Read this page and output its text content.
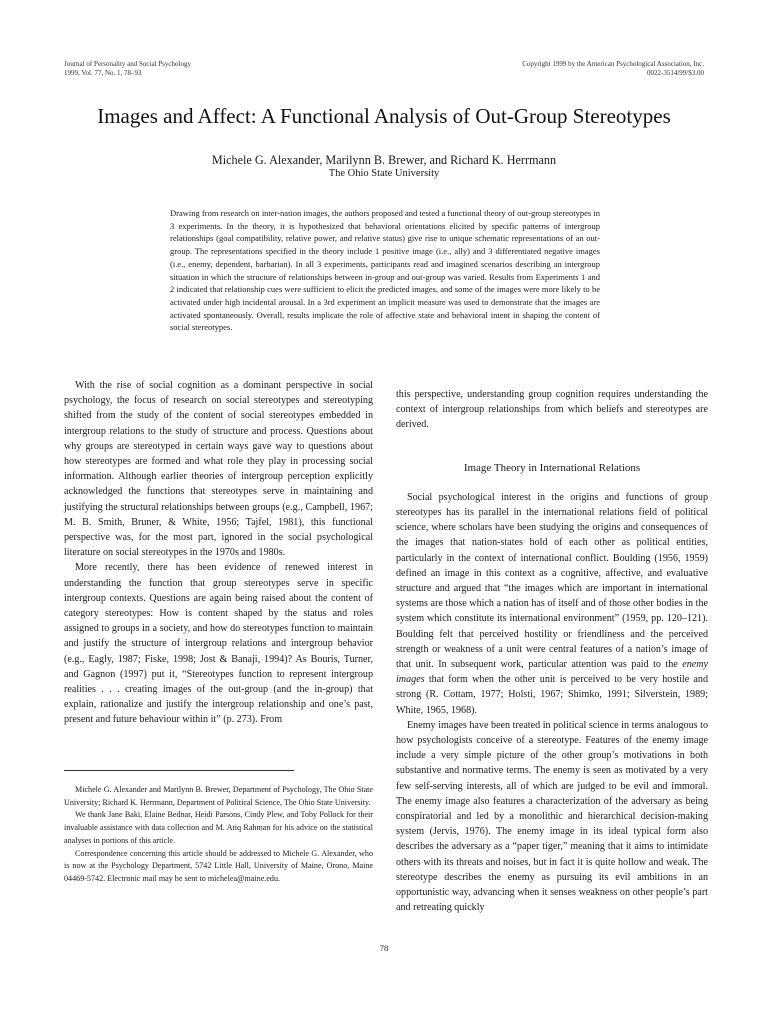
Journal of Personality and Social Psychology
1999, Vol. 77, No. 1, 78–93
Copyright 1999 by the American Psychological Association, Inc.
0022-3514/99/$3.00
Images and Affect: A Functional Analysis of Out-Group Stereotypes
Michele G. Alexander, Marilynn B. Brewer, and Richard K. Herrmann
The Ohio State University
Drawing from research on inter-nation images, the authors proposed and tested a functional theory of out-group stereotypes in 3 experiments. In the theory, it is hypothesized that behavioral orientations elicited by specific patterns of intergroup relationships (goal compatibility, relative power, and relative status) give rise to unique schematic representations of an out-group. The representations specified in the theory include 1 positive image (i.e., ally) and 3 differentiated negative images (i.e., enemy, dependent, barbarian). In all 3 experiments, participants read and imagined scenarios describing an intergroup situation in which the structure of relationships between in-group and out-group was varied. Results from Experiments 1 and 2 indicated that relationship cues were sufficient to elicit the predicted images, and some of the images were more likely to be activated under high incidental arousal. In a 3rd experiment an implicit measure was used to demonstrate that the images are activated spontaneously. Overall, results implicate the role of affective state and behavioral intent in shaping the content of social stereotypes.

With the rise of social cognition as a dominant perspective in social psychology, the focus of research on social stereotypes and stereotyping shifted from the study of the content of social stereotypes embedded in intergroup relations to the study of structure and process. Questions about why groups are stereotyped in certain ways gave way to questions about how stereotypes are formed and what role they play in processing social information. Although earlier theories of intergroup perception explicitly acknowledged the functions that stereotypes serve in maintaining and justifying the structural relationships between groups (e.g., Campbell, 1967; M. B. Smith, Bruner, & White, 1956; Tajfel, 1981), this functional perspective was, for the most part, ignored in the social psychological literature on social stereotypes in the 1970s and 1980s.

More recently, there has been evidence of renewed interest in understanding the function that group stereotypes serve in specific intergroup contexts. Questions are again being raised about the content of category stereotypes: How is content shaped by the status and roles assigned to groups in a society, and how do stereotypes function to maintain and justify the structure of intergroup relations and intergroup behavior (e.g., Eagly, 1987; Fiske, 1998; Jost & Banaji, 1994)? As Bouris, Turner, and Gagnon (1997) put it, “Stereotypes function to represent intergroup realities . . . creating images of the out-group (and the in-group) that explain, rationalize and justify the intergroup relationship and one’s past, present and future behaviour within it” (p. 273). From

Michele G. Alexander and Marilynn B. Brewer, Department of Psychology, The Ohio State University; Richard K. Herrmann, Department of Political Science, The Ohio State University.

We thank Jane Baki, Elaine Bednar, Heidi Parsons, Cindy Plew, and Toby Pollock for their invaluable assistance with data collection and M. Atiq Rahman for his advice on the statistical analyses in portions of this article.

Correspondence concerning this article should be addressed to Michele G. Alexander, who is now at the Psychology Department, 5742 Little Hall, University of Maine, Orono, Maine 04469-5742. Electronic mail may be sent to michelea@maine.edu.

this perspective, understanding group cognition requires understanding the context of intergroup relationships from which beliefs and stereotypes are derived.

Image Theory in International Relations

Social psychological interest in the origins and functions of group stereotypes has its parallel in the international relations field of political science, where scholars have been studying the origins and consequences of the images that nation-states hold of each other as political entities, particularly in the context of international conflict. Boulding (1956, 1959) defined an image in this context as a cognitive, affective, and evaluative structure and argued that “the images which are important in international systems are those which a nation has of itself and of those other bodies in the system which constitute its international environment” (1959, pp. 120–121). Boulding felt that perceived hostility or friendliness and the perceived strength or weakness of a unit were central features of a nation’s image of that unit. In subsequent work, particular attention was paid to the enemy images that form when the other unit is perceived to be very hostile and strong (R. Cottam, 1977; Holsti, 1967; Shimko, 1991; Silverstein, 1989; White, 1965, 1968).

Enemy images have been treated in political science in terms analogous to how psychologists conceive of a stereotype. Features of the enemy image include a very simple picture of the other group’s motivations in both substantive and normative terms. The enemy is seen as motivated by a very few self-serving interests, all of which are judged to be evil and immoral. The enemy image also features a characterization of the adversary as being conspiratorial and led by a monolithic and hierarchical decision-making system (Jervis, 1976). The enemy image in its ideal typical form also describes the adversary as a “paper tiger,” meaning that it aims to intimidate others with its threats and noises, but in fact it is quite hollow and weak. The stereotype describes the enemy as pursuing its evil ambitions in an opportunistic way, advancing when it senses weakness on other people’s part and retreating quickly

78
